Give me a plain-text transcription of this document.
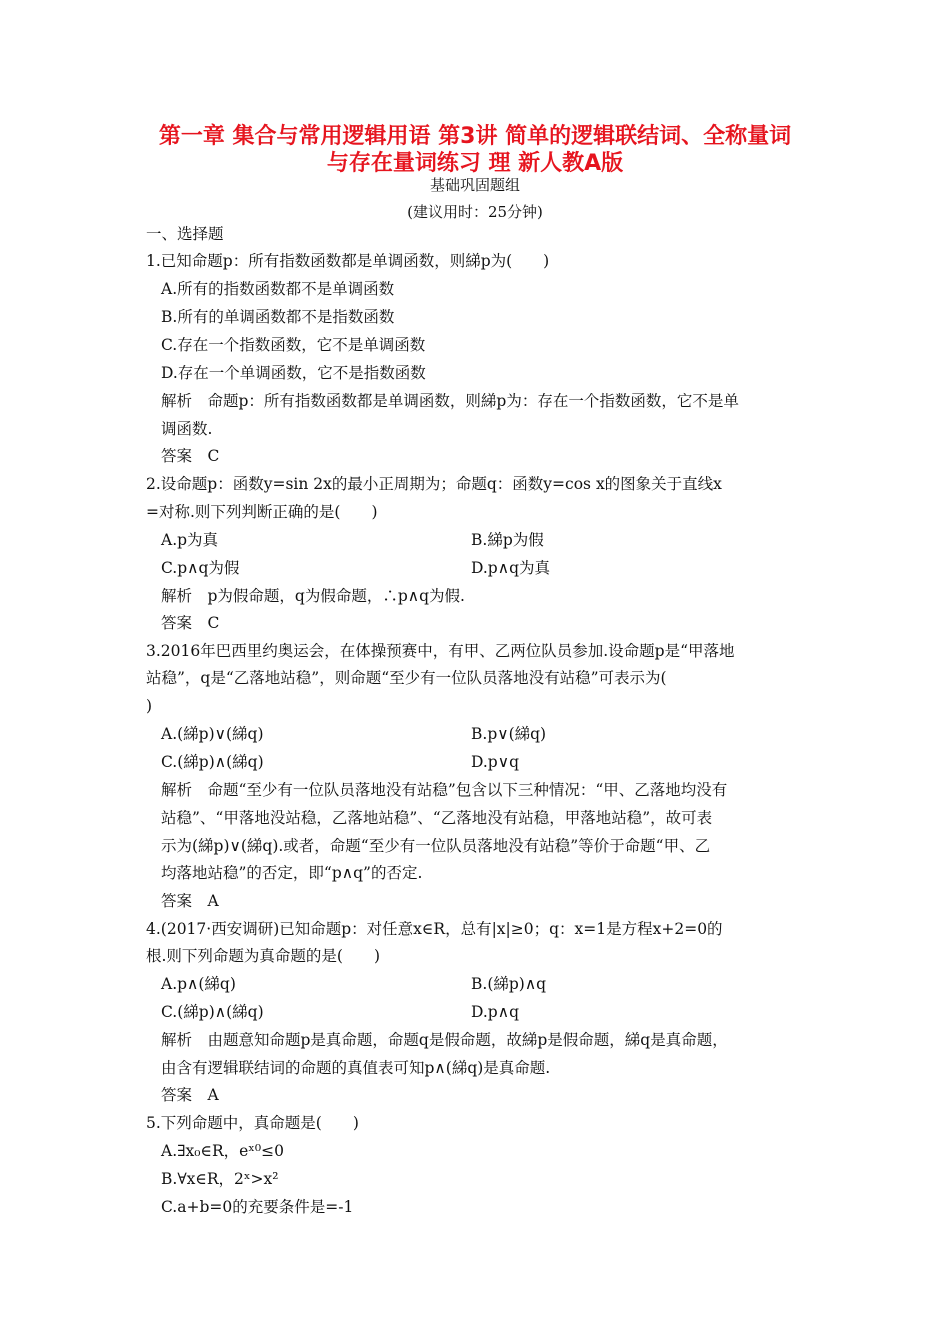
第一章 集合与常用逻辑用语 第3讲 简单的逻辑联结词、全称量词
与存在量词练习 理 新人教A版
基础巩固题组
(建议用时：25分钟)
一、选择题
1.已知命题p：所有指数函数都是单调函数，则綈p为(　　)
A.所有的指数函数都不是单调函数
B.所有的单调函数都不是指数函数
C.存在一个指数函数，它不是单调函数
D.存在一个单调函数，它不是指数函数
解析　命题p：所有指数函数都是单调函数，则綈p为：存在一个指数函数，它不是单
调函数.
答案　C
2.设命题p：函数y=sin 2x的最小正周期为；命题q：函数y=cos x的图象关于直线x
=对称.则下列判断正确的是(　　)
A.p为真	B.綈p为假
C.p∧q为假	D.p∧q为真
解析　p为假命题，q为假命题，∴p∧q为假.
答案　C
3.2016年巴西里约奥运会，在体操预赛中，有甲、乙两位队员参加.设命题p是“甲落地
站稳”，q是“乙落地站稳”，则命题“至少有一位队员落地没有站稳”可表示为(
)
A.(綈p)∨(綈q)	B.p∨(綈q)
C.(綈p)∧(綈q)	D.p∨q
解析　命题“至少有一位队员落地没有站稳”包含以下三种情况：“甲、乙落地均没有
站稳”、“甲落地没站稳，乙落地站稳”、“乙落地没有站稳，甲落地站稳”，故可表
示为(綈p)∨(綈q).或者，命题“至少有一位队员落地没有站稳”等价于命题“甲、乙
均落地站稳”的否定，即“p∧q”的否定.
答案　A
4.(2017·西安调研)已知命题p：对任意x∈R，总有|x|≥0；q：x=1是方程x+2=0的
根.则下列命题为真命题的是(　　)
A.p∧(綈q)	B.(綈p)∧q
C.(綈p)∧(綈q)	D.p∧q
解析　由题意知命题p是真命题，命题q是假命题，故綈p是假命题，綈q是真命题，
由含有逻辑联结词的命题的真值表可知p∧(綈q)是真命题.
答案　A
5.下列命题中，真命题是(　　)
A.∃x₀∈R，eˣ⁰≤0
B.∀x∈R，2ˣ>x²
C.a+b=0的充要条件是=-1
